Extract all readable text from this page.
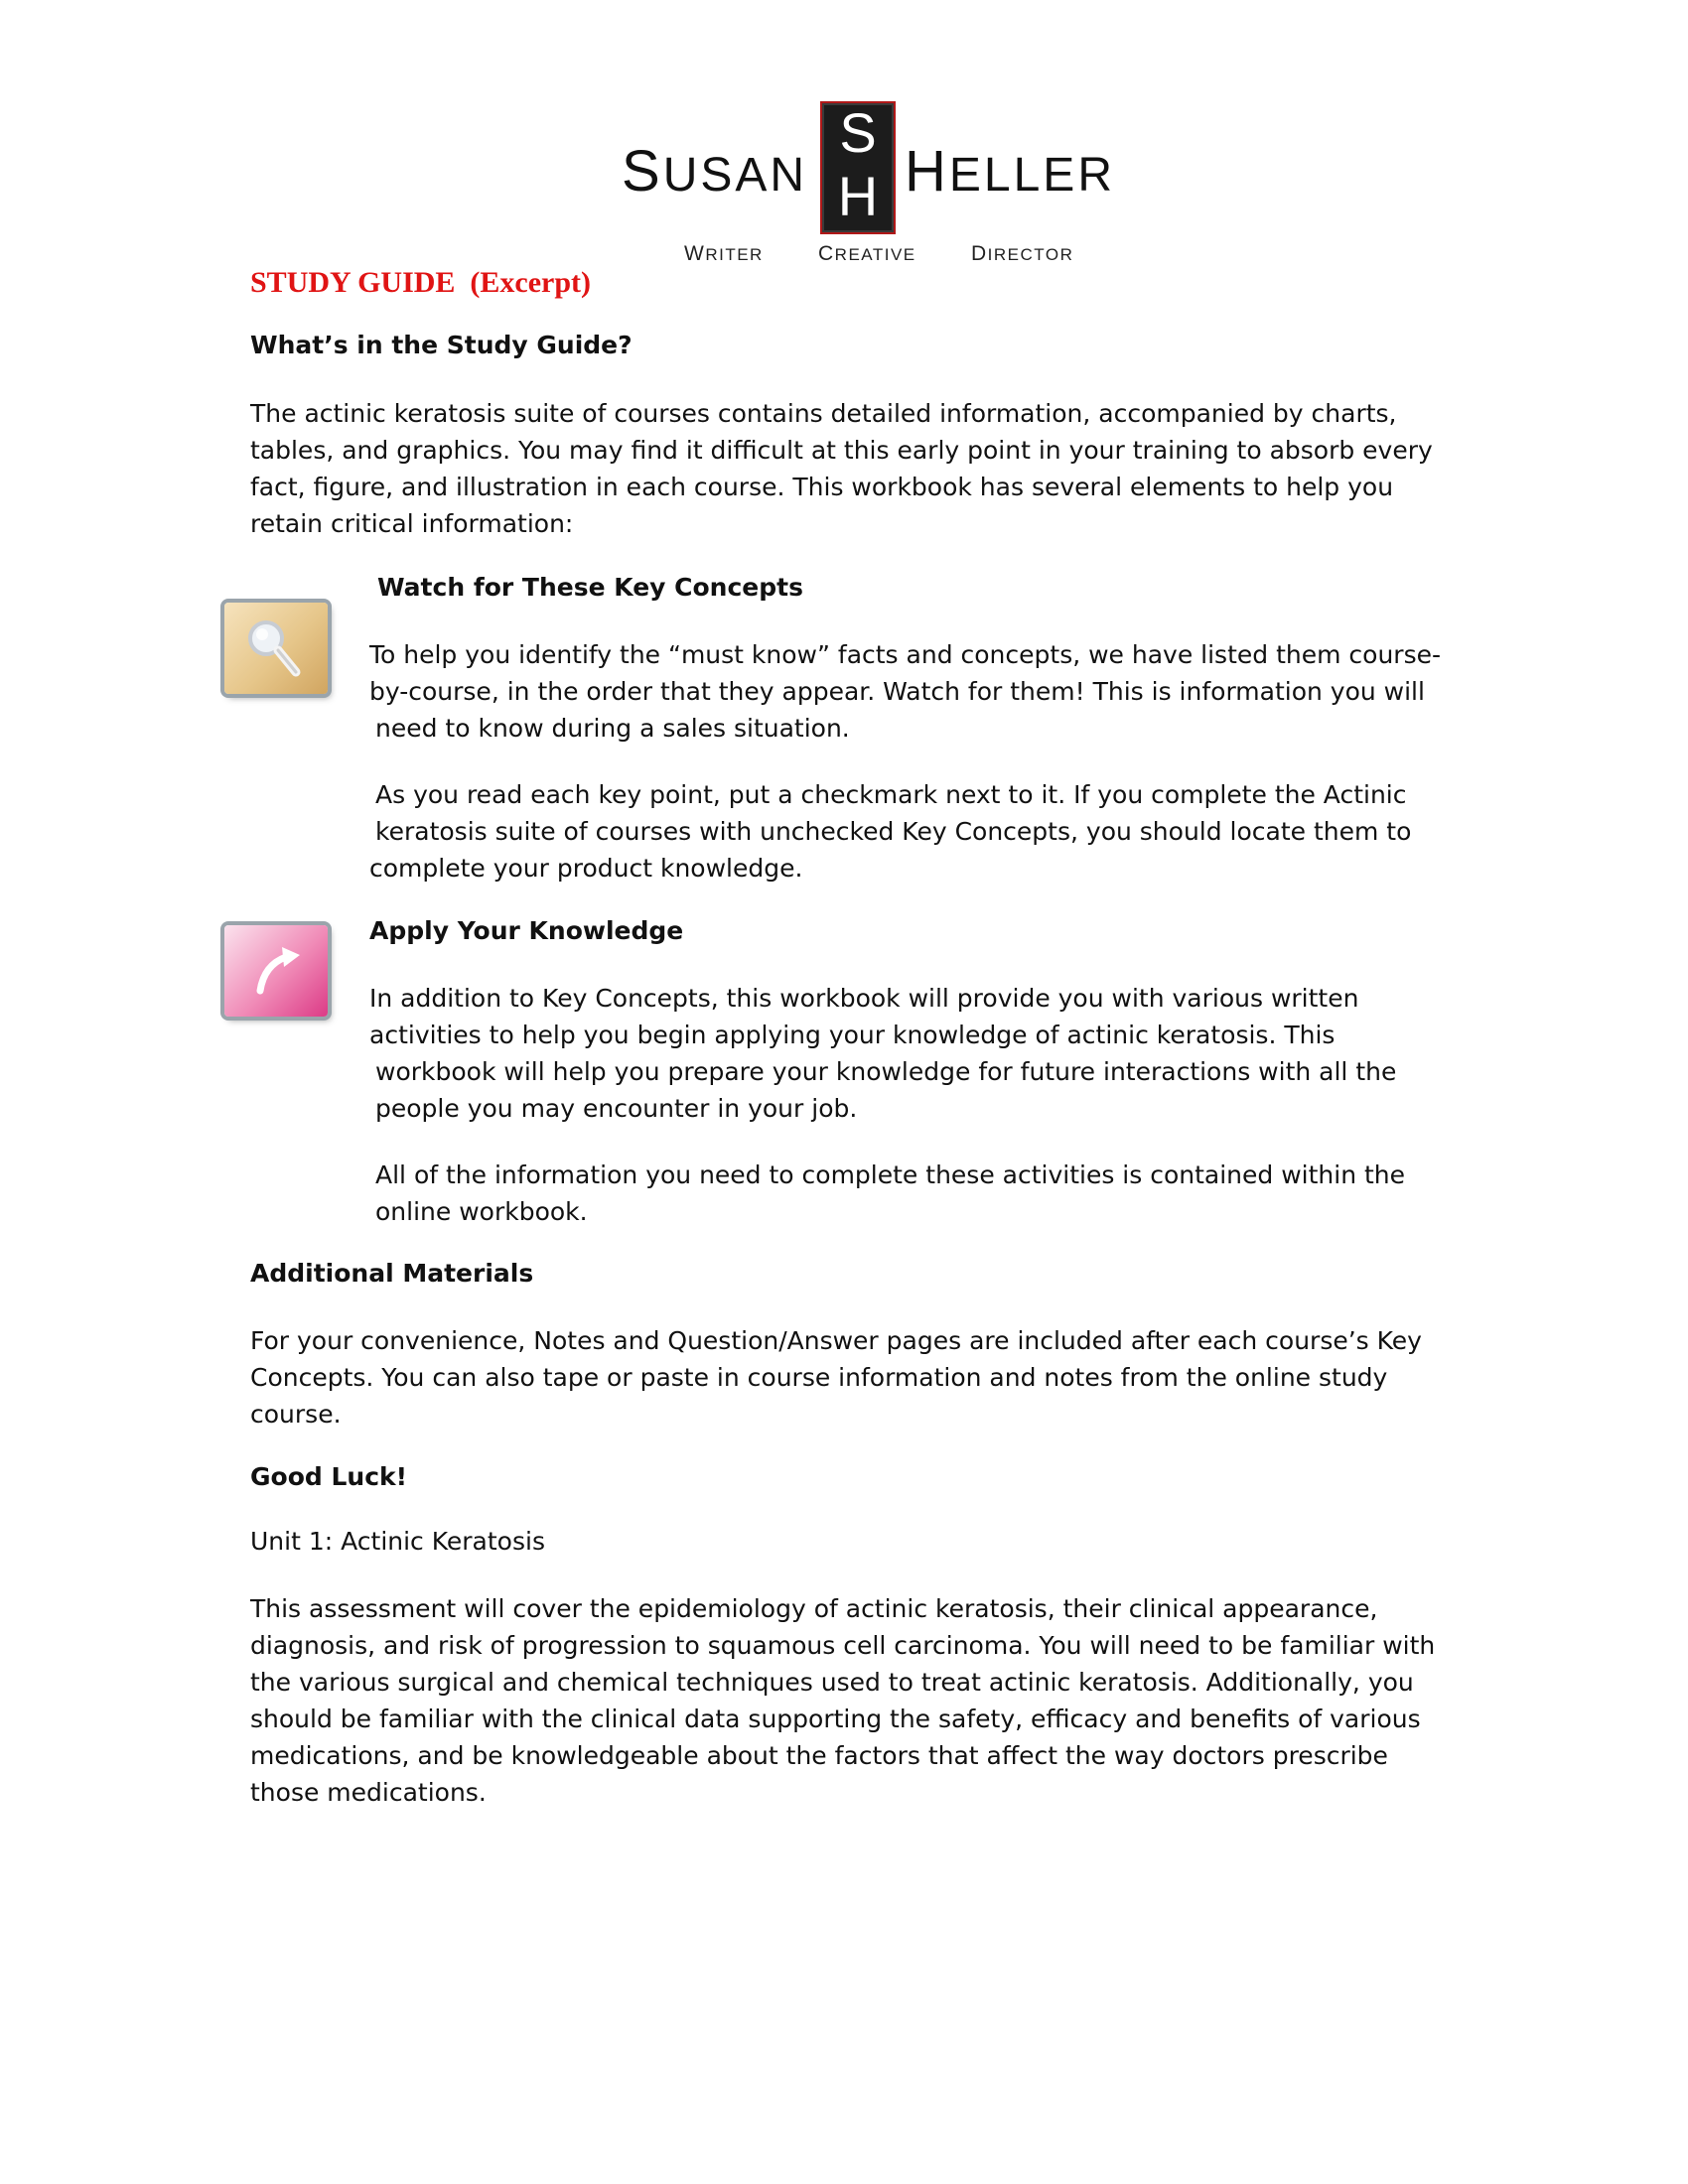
SUSAN
S
H HELLER
WRITER	CREATIVE	DIRECTOR
STUDY GUIDE  (Excerpt)
What’s in the Study Guide?
The actinic keratosis suite of courses contains detailed information, accompanied by charts,
tables, and graphics. You may find it difficult at this early point in your training to absorb every
fact, figure, and illustration in each course. This workbook has several elements to help you
retain critical information:
Watch for These Key Concepts
To help you identify the “must know” facts and concepts, we have listed them course-
by-course, in the order that they appear. Watch for them! This is information you will
need to know during a sales situation.
As you read each key point, put a checkmark next to it. If you complete the Actinic
keratosis suite of courses with unchecked Key Concepts, you should locate them to
complete your product knowledge.
Apply Your Knowledge
In addition to Key Concepts, this workbook will provide you with various written
activities to help you begin applying your knowledge of actinic keratosis. This
workbook will help you prepare your knowledge for future interactions with all the
people you may encounter in your job.
All of the information you need to complete these activities is contained within the
online workbook.
Additional Materials
For your convenience, Notes and Question/Answer pages are included after each course’s Key
Concepts. You can also tape or paste in course information and notes from the online study
course.
Good Luck!
Unit 1: Actinic Keratosis
This assessment will cover the epidemiology of actinic keratosis, their clinical appearance,
diagnosis, and risk of progression to squamous cell carcinoma. You will need to be familiar with
the various surgical and chemical techniques used to treat actinic keratosis. Additionally, you
should be familiar with the clinical data supporting the safety, efficacy and benefits of various
medications, and be knowledgeable about the factors that affect the way doctors prescribe
those medications.
